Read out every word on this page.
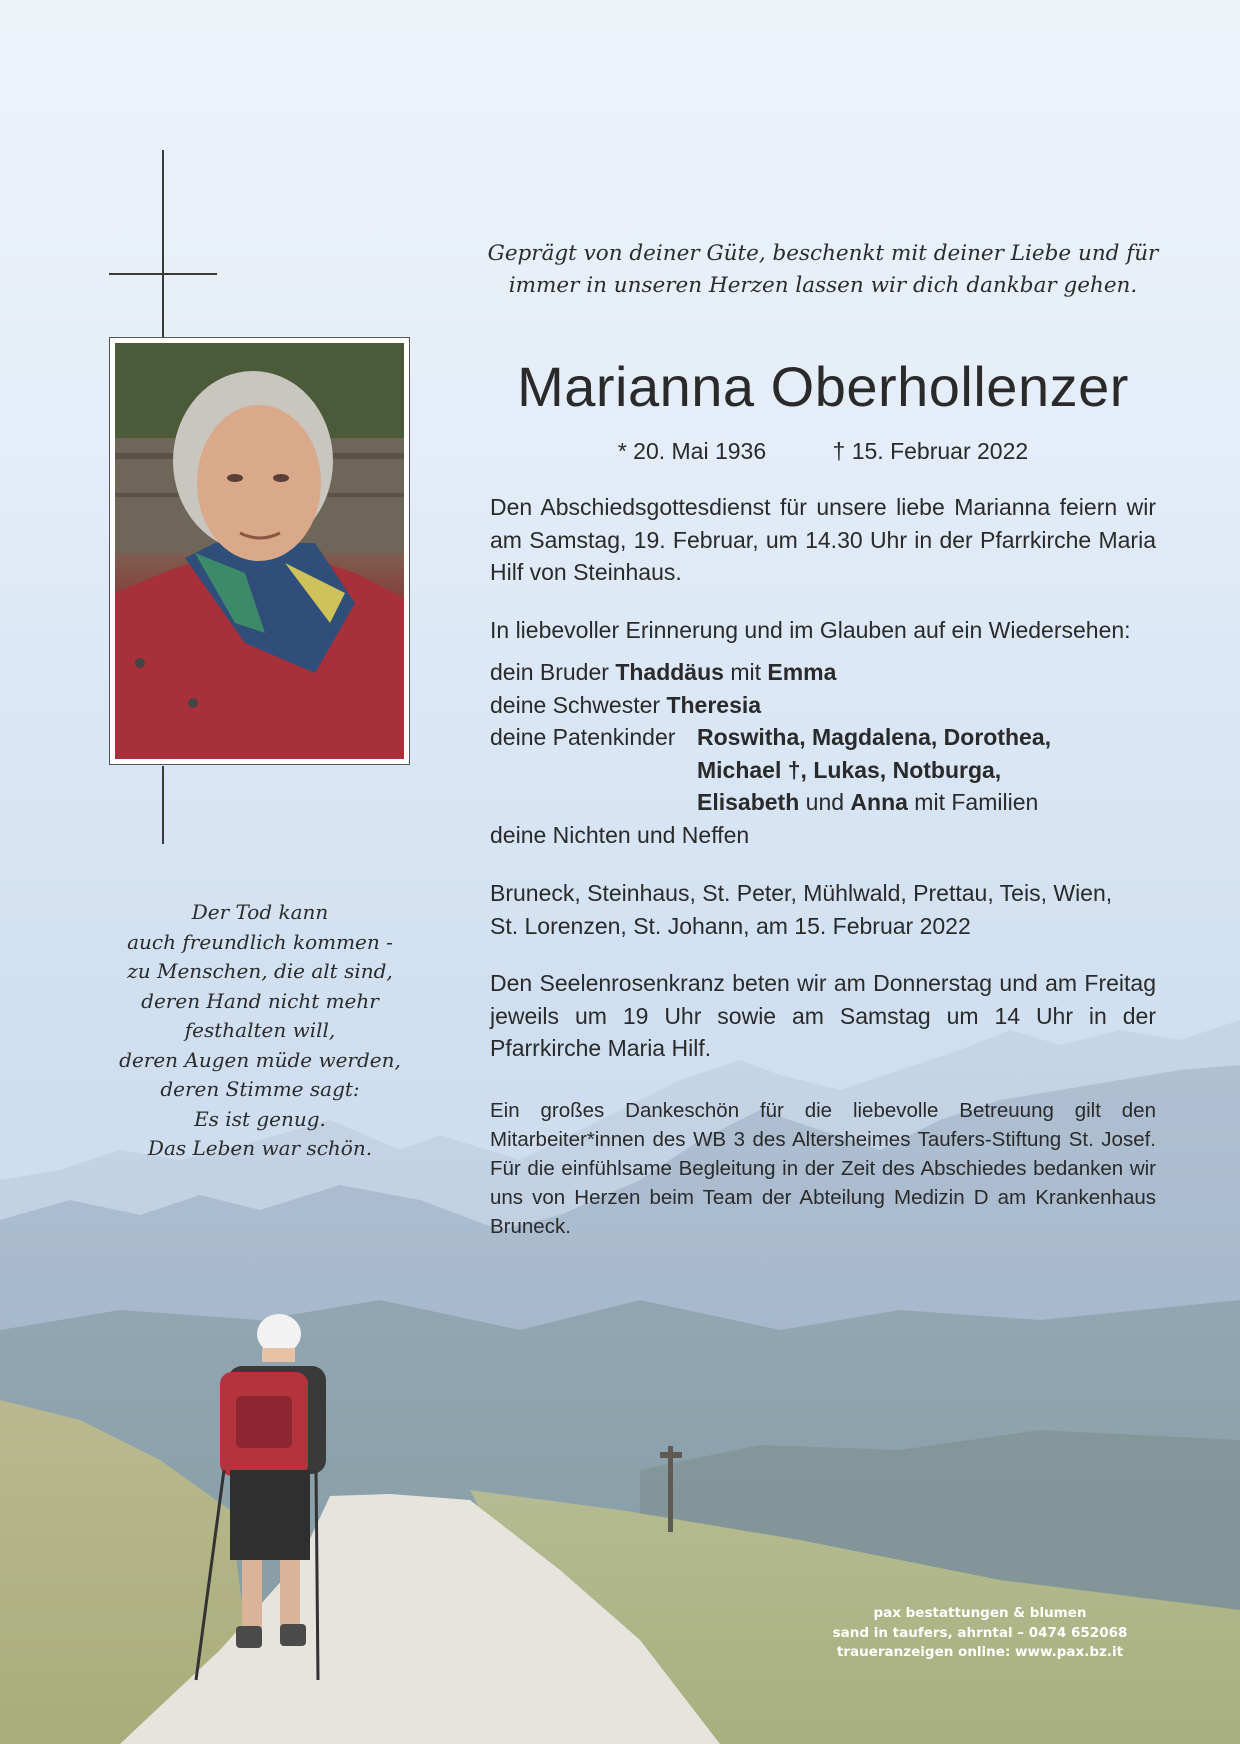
Der Tod kann
auch freundlich kommen -
zu Menschen, die alt sind,
deren Hand nicht mehr
festhalten will,
deren Augen müde werden,
deren Stimme sagt:
Es ist genug.
Das Leben war schön.
Geprägt von deiner Güte, beschenkt mit deiner Liebe und für
immer in unseren Herzen lassen wir dich dankbar gehen.
Marianna Oberhollenzer
* 20. Mai 1936	† 15. Februar 2022
Den Abschiedsgottesdienst für unsere liebe Marianna feiern wir am Samstag, 19. Februar, um 14.30 Uhr in der Pfarrkirche Maria Hilf von Steinhaus.
In liebevoller Erinnerung und im Glauben auf ein Wiedersehen:
dein Bruder Thaddäus mit Emma
deine Schwester Theresia
deine Patenkinder Roswitha, Magdalena, Dorothea,
Michael †, Lukas, Notburga,
Elisabeth und Anna mit Familien
deine Nichten und Neffen
Bruneck, Steinhaus, St. Peter, Mühlwald, Prettau, Teis, Wien,
St. Lorenzen, St. Johann, am 15. Februar 2022
Den Seelenrosenkranz beten wir am Donnerstag und am Freitag jeweils um 19 Uhr sowie am Samstag um 14 Uhr in der Pfarrkirche Maria Hilf.
Ein großes Dankeschön für die liebevolle Betreuung gilt den Mitarbeiter*innen des WB 3 des Altersheimes Taufers-Stiftung St. Josef. Für die einfühlsame Begleitung in der Zeit des Abschiedes bedanken wir uns von Herzen beim Team der Abteilung Medizin D am Krankenhaus Bruneck.
pax bestattungen & blumen
sand in taufers, ahrntal – 0474 652068
traueranzeigen online: www.pax.bz.it
